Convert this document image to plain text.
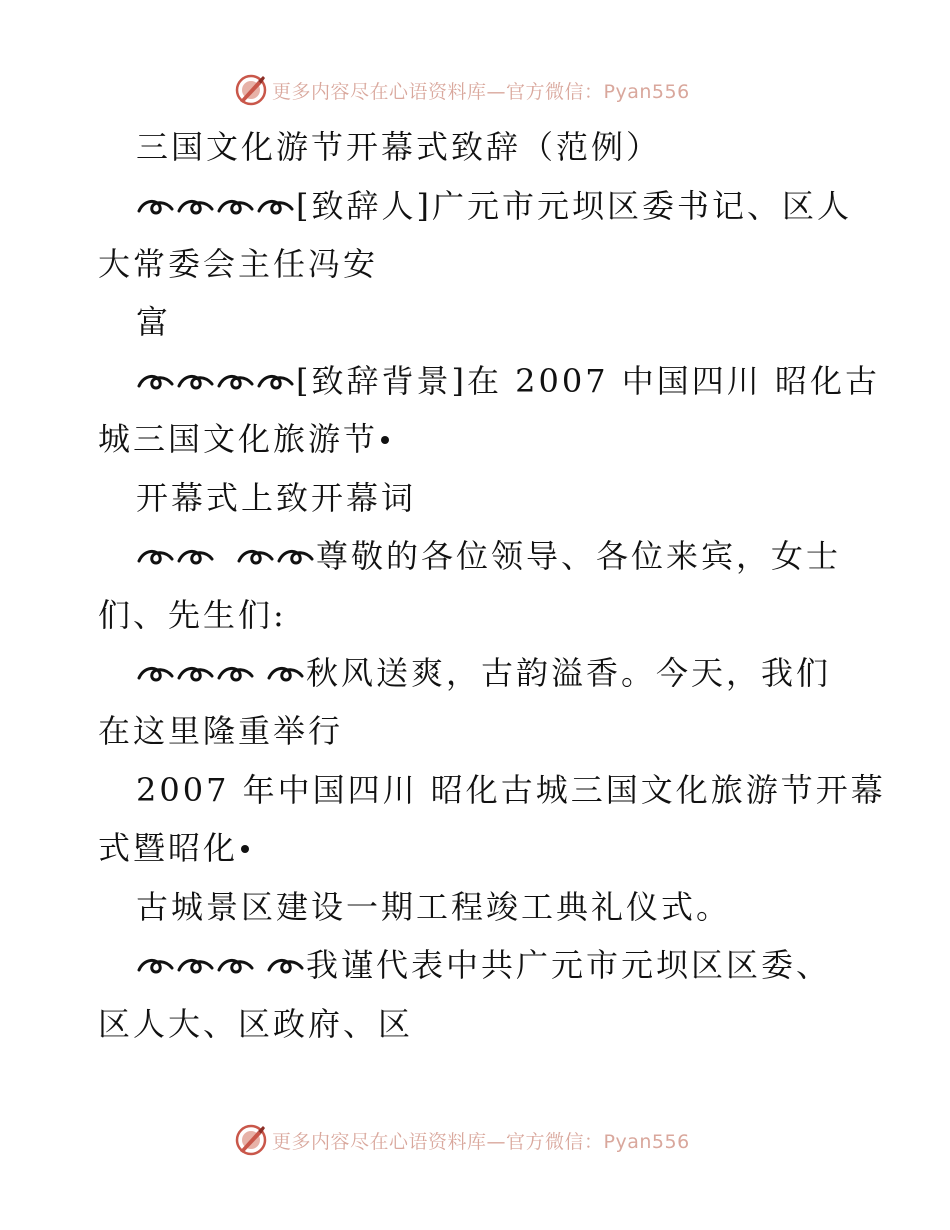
更多内容尽在心语资料库—官方微信：Pyan556
三国文化游节开幕式致辞（范例）
[致辞人]广元市元坝区委书记、区人
大常委会主任冯安
富
[致辞背景]在 2007 中国四川 昭化古
城三国文化旅游节
开幕式上致开幕词
尊敬的各位领导、各位来宾，女士
们、先生们:
秋风送爽，古韵溢香。今天，我们
在这里隆重举行
2007 年中国四川 昭化古城三国文化旅游节开幕
式暨昭化
古城景区建设一期工程竣工典礼仪式。
我谨代表中共广元市元坝区区委、
区人大、区政府、区
更多内容尽在心语资料库—官方微信：Pyan556
